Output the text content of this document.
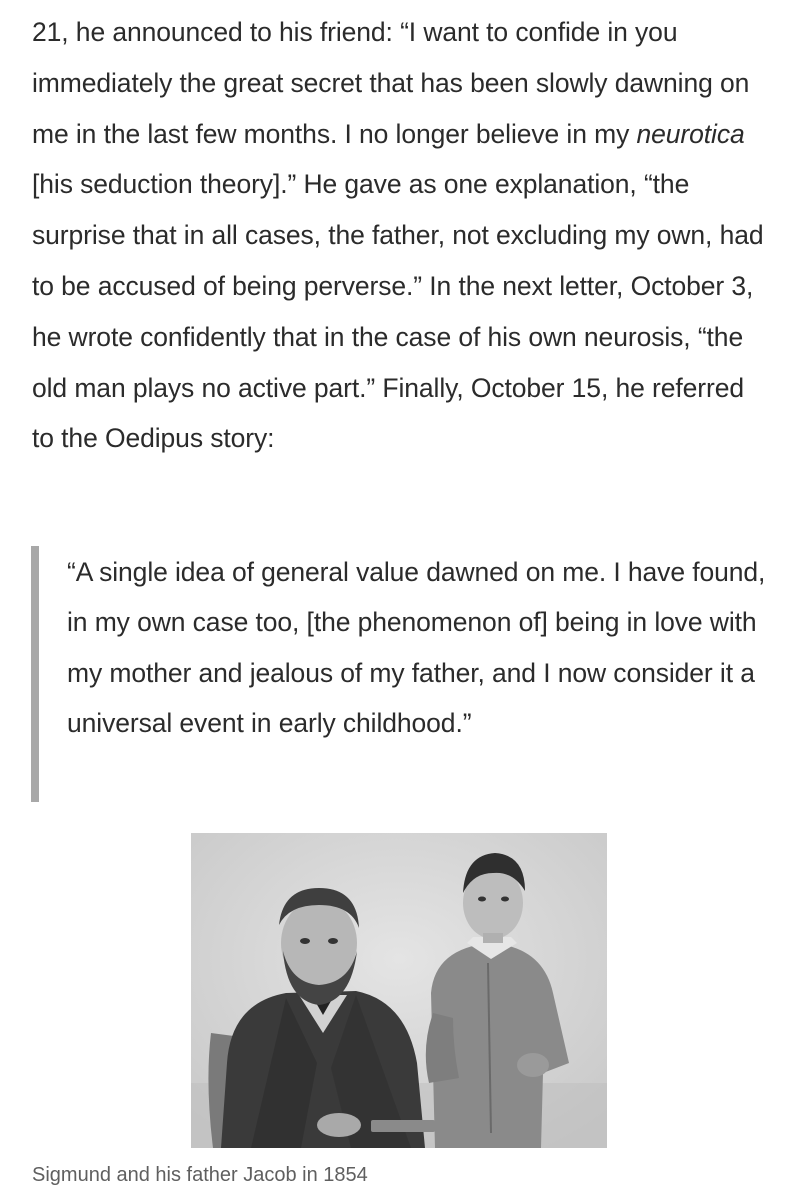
21, he announced to his friend: “I want to confide in you immediately the great secret that has been slowly dawning on me in the last few months. I no longer believe in my neurotica [his seduction theory].” He gave as one explanation, “the surprise that in all cases, the father, not excluding my own, had to be accused of being perverse.” In the next letter, October 3, he wrote confidently that in the case of his own neurosis, “the old man plays no active part.” Finally, October 15, he referred to the Oedipus story:

“A single idea of general value dawned on me. I have found, in my own case too, [the phenomenon of] being in love with my mother and jealous of my father, and I now consider it a universal event in early childhood.”

Sigmund and his father Jacob in 1854
